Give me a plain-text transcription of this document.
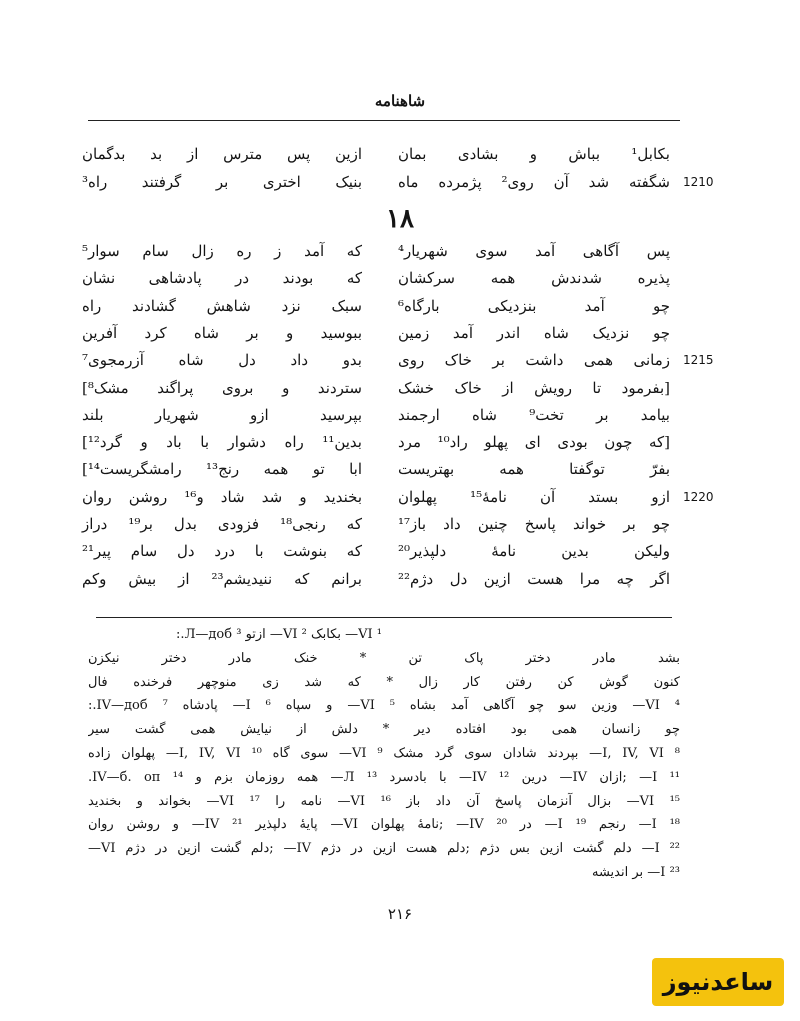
شاهنامه
بکابل¹ بباش و بشادی بمان
ازین پس مترس از بد بدگمان
1210
شگفته شد آن روی² پژمرده ماه
بنیک اختری بر گرفتند راه³
۱۸
پس آگاهی آمد سوی شهریار⁴
که آمد ز ره زال سام سوار⁵
پذیره شدندش همه سرکشان
که بودند در پادشاهی نشان
چو آمد بنزدیکی بارگاه⁶
سبک نزد شاهش گشادند راه
چو نزدیک شاه اندر آمد زمین
ببوسید و بر شاه کرد آفرین
1215
زمانی همی داشت بر خاک روی
بدو داد دل شاه آزرمجوی⁷
[بفرمود تا رویش از خاک خشک
ستردند و بروی پراگند مشک⁸]
بیامد بر تخت⁹ شاه ارجمند
بپرسید ازو شهریار بلند
[که چون بودی ای پهلو راد¹⁰ مرد
بدین¹¹ راه دشوار با باد و گرد¹²]
بفرّ توگفتا همه بهتریست
ابا تو همه رنج¹³ رامشگریست¹⁴]
1220
ازو بستد آن نامهٔ¹⁵ پهلوان
بخندید و شد شاد و¹⁶ روشن روان
چو بر خواند پاسخ چنین داد باز¹⁷
که رنجی¹⁸ فزودی بدل بر¹⁹ دراز
ولیکن بدین نامهٔ دلپذیر²⁰
که بنوشت با درد دل سام پیر²¹
اگر چه مرا هست ازین دل دژم²²
برانم که ننیدیشم²³ از بیش وکم
¹ VI— بکابک ² VI— ازتو ³ Л—доб.:
بشد مادر دختر پاک تن * خنک مادر دختر نیکزن
کنون گوش کن رفتن کار زال * که شد زی منوچهر فرخنده فال
⁴ VI— وزین سو چو آگاهی آمد بشاه ⁵ VI— و سپاه ⁶ I— پادشاه ⁷ IV—доб.:
چو زانسان همی بود افتاده دیر * دلش از نیایش همی گشت سیر
⁸ I, IV, VI— بپردند شادان سوی گرد مشک ⁹ VI— سوی گاه ¹⁰ I, IV, VI— پهلوان زاده
¹¹ I— ;ازان IV— درین ¹² IV— با بادسرد ¹³ Л— همه روزمان بزم و ¹⁴ IV—б. оп.
¹⁵ VI— بزال آنزمان پاسخ آن داد باز ¹⁶ VI— نامه را ¹⁷ VI— بخواند و بخندید
¹⁸ I— رنجم ¹⁹ I— در ²⁰ IV— ;نامهٔ پهلوان VI— پایهٔ دلپذیر ²¹ IV— و روشن روان
²² I— دلم گشت ازین بس دژم ;دلم هست ازین در دژم IV— ;دلم گشت ازین در دژم VI—
²³ I— بر اندیشه
۲۱۶
ساعدنیوز
